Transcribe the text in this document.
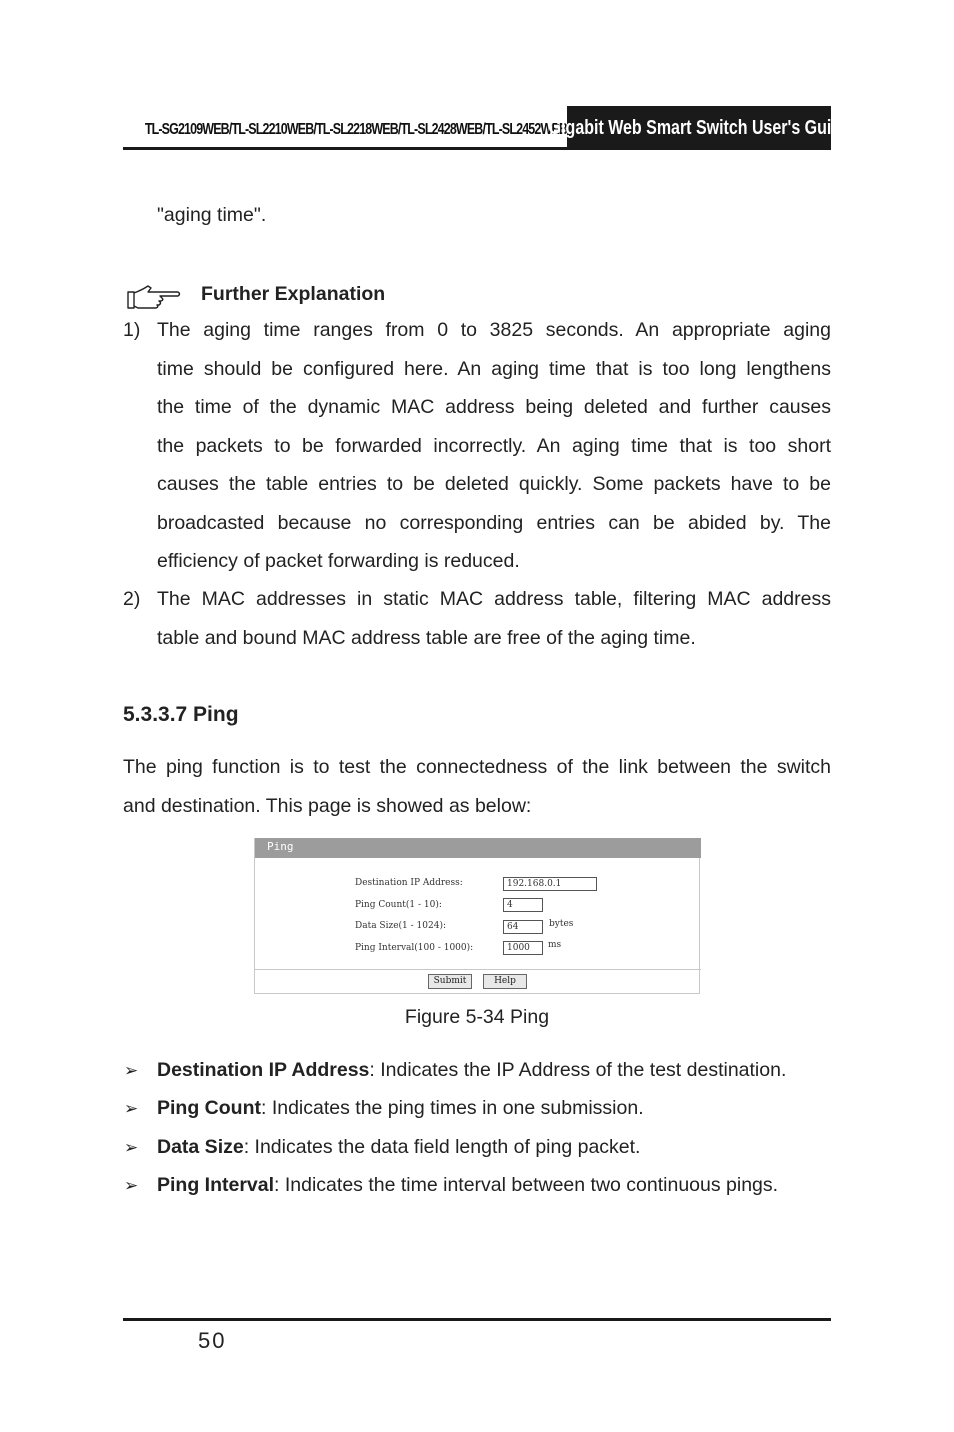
TL-SG2109WEB/TL-SL2210WEB/TL-SL2218WEB/TL-SL2428WEB/TL-SL2452WEB
Gigabit Web Smart Switch User's Guide
"aging time".
Further Explanation
1) The aging time ranges from 0 to 3825 seconds. An appropriate aging
time should be configured here. An aging time that is too long lengthens
the time of the dynamic MAC address being deleted and further causes
the packets to be forwarded incorrectly. An aging time that is too short
causes the table entries to be deleted quickly. Some packets have to be
broadcasted because no corresponding entries can be abided by. The
efficiency of packet forwarding is reduced.
2) The MAC addresses in static MAC address table, filtering MAC address
table and bound MAC address table are free of the aging time.
5.3.3.7 Ping
The ping function is to test the connectedness of the link between the switch
and destination. This page is showed as below:
Ping
Destination IP Address:	192.168.0.1
Ping Count(1 - 10):	4
Data Size(1 - 1024):	64	bytes
Ping Interval(100 - 1000):	1000	ms
Submit	Help
Figure 5-34 Ping
➢ Destination IP Address: Indicates the IP Address of the test destination.
➢ Ping Count: Indicates the ping times in one submission.
➢ Data Size: Indicates the data field length of ping packet.
➢ Ping Interval: Indicates the time interval between two continuous pings.
50
